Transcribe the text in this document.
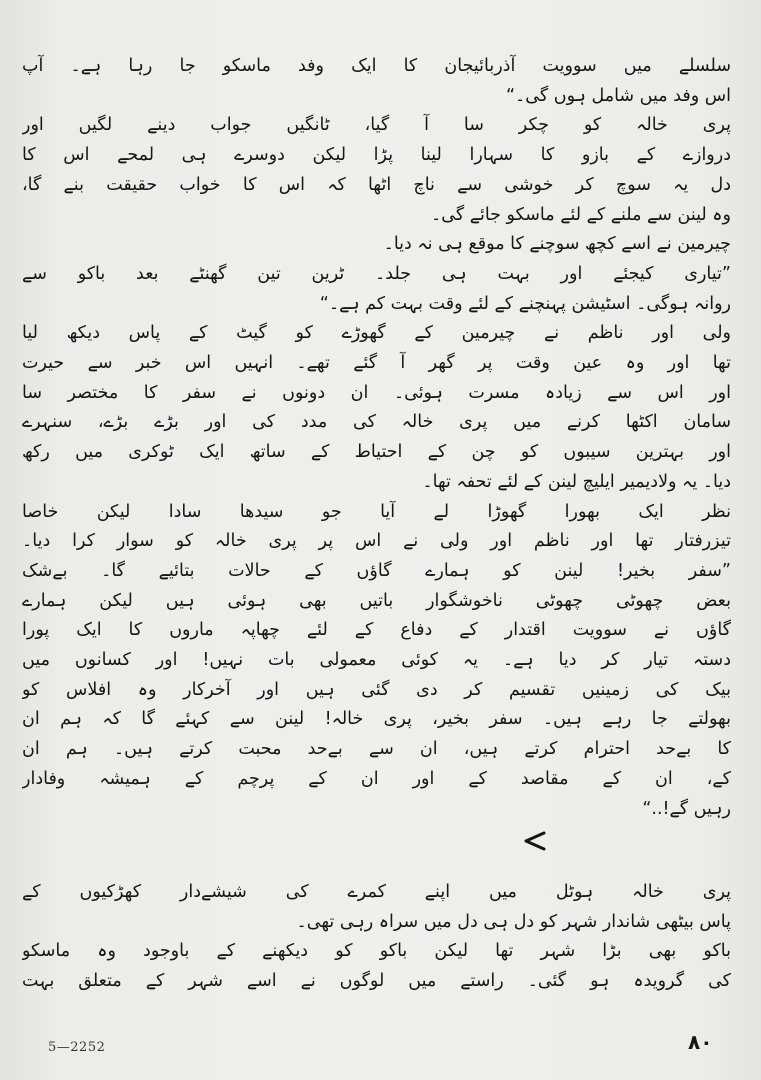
سلسلے میں سوویت آذربائیجان کا ایک وفد ماسکو جا رہا ہے۔ آپ
اس وفد میں شامل ہوں گی۔“
پری خالہ کو چکر سا آ گیا، ٹانگیں جواب دینے لگیں اور
دروازے کے بازو کا سہارا لینا پڑا لیکن دوسرے ہی لمحے اس کا
دل یہ سوچ کر خوشی سے ناچ اٹھا کہ اس کا خواب حقیقت بنے گا،
وہ لینن سے ملنے کے لئے ماسکو جائے گی۔
چیرمین نے اسے کچھ سوچنے کا موقع ہی نہ دیا۔
”تیاری کیجئے اور بہت ہی جلد۔ ٹرین تین گھنٹے بعد باکو سے
روانہ ہوگی۔ اسٹیشن پہنچنے کے لئے وقت بہت کم ہے۔“
ولی اور ناظم نے چیرمین کے گھوڑے کو گیٹ کے پاس دیکھ لیا
تھا اور وہ عین وقت پر گھر آ گئے تھے۔ انہیں اس خبر سے حیرت
اور اس سے زیادہ مسرت ہوئی۔ ان دونوں نے سفر کا مختصر سا
سامان اکٹھا کرنے میں پری خالہ کی مدد کی اور بڑے بڑے، سنہرے
اور بہترین سیبوں کو چن کے احتیاط کے ساتھ ایک ٹوکری میں رکھ
دیا۔ یہ ولادیمیر ایلیچ لینن کے لئے تحفہ تھا۔
نظر ایک بھورا گھوڑا لے آیا جو سیدھا سادا لیکن خاصا
تیزرفتار تھا اور ناظم اور ولی نے اس پر پری خالہ کو سوار کرا دیا۔
”سفر بخیر! لینن کو ہمارے گاؤں کے حالات بتائیے گا۔ بےشک
بعض چھوٹی چھوٹی ناخوشگوار باتیں بھی ہوئی ہیں لیکن ہمارے
گاؤں نے سوویت اقتدار کے دفاع کے لئے چھاپہ ماروں کا ایک پورا
دستہ تیار کر دیا ہے۔ یہ کوئی معمولی بات نہیں! اور کسانوں میں
بیک کی زمینیں تقسیم کر دی گئی ہیں اور آخرکار وہ افلاس کو
بھولتے جا رہے ہیں۔ سفر بخیر، پری خالہ! لینن سے کہئے گا کہ ہم ان
کا بےحد احترام کرتے ہیں، ان سے بےحد محبت کرتے ہیں۔ ہم ان
کے، ان کے مقاصد کے اور ان کے پرچم کے ہمیشہ وفادار
رہیں گے!..“
پری خالہ ہوٹل میں اپنے کمرے کی شیشےدار کھڑکیوں کے
پاس بیٹھی شاندار شہر کو دل ہی دل میں سراہ رہی تھی۔
باکو بھی بڑا شہر تھا لیکن باکو کو دیکھنے کے باوجود وہ ماسکو
کی گرویدہ ہو گئی۔ راستے میں لوگوں نے اسے شہر کے متعلق بہت
۸۰
5—2252
